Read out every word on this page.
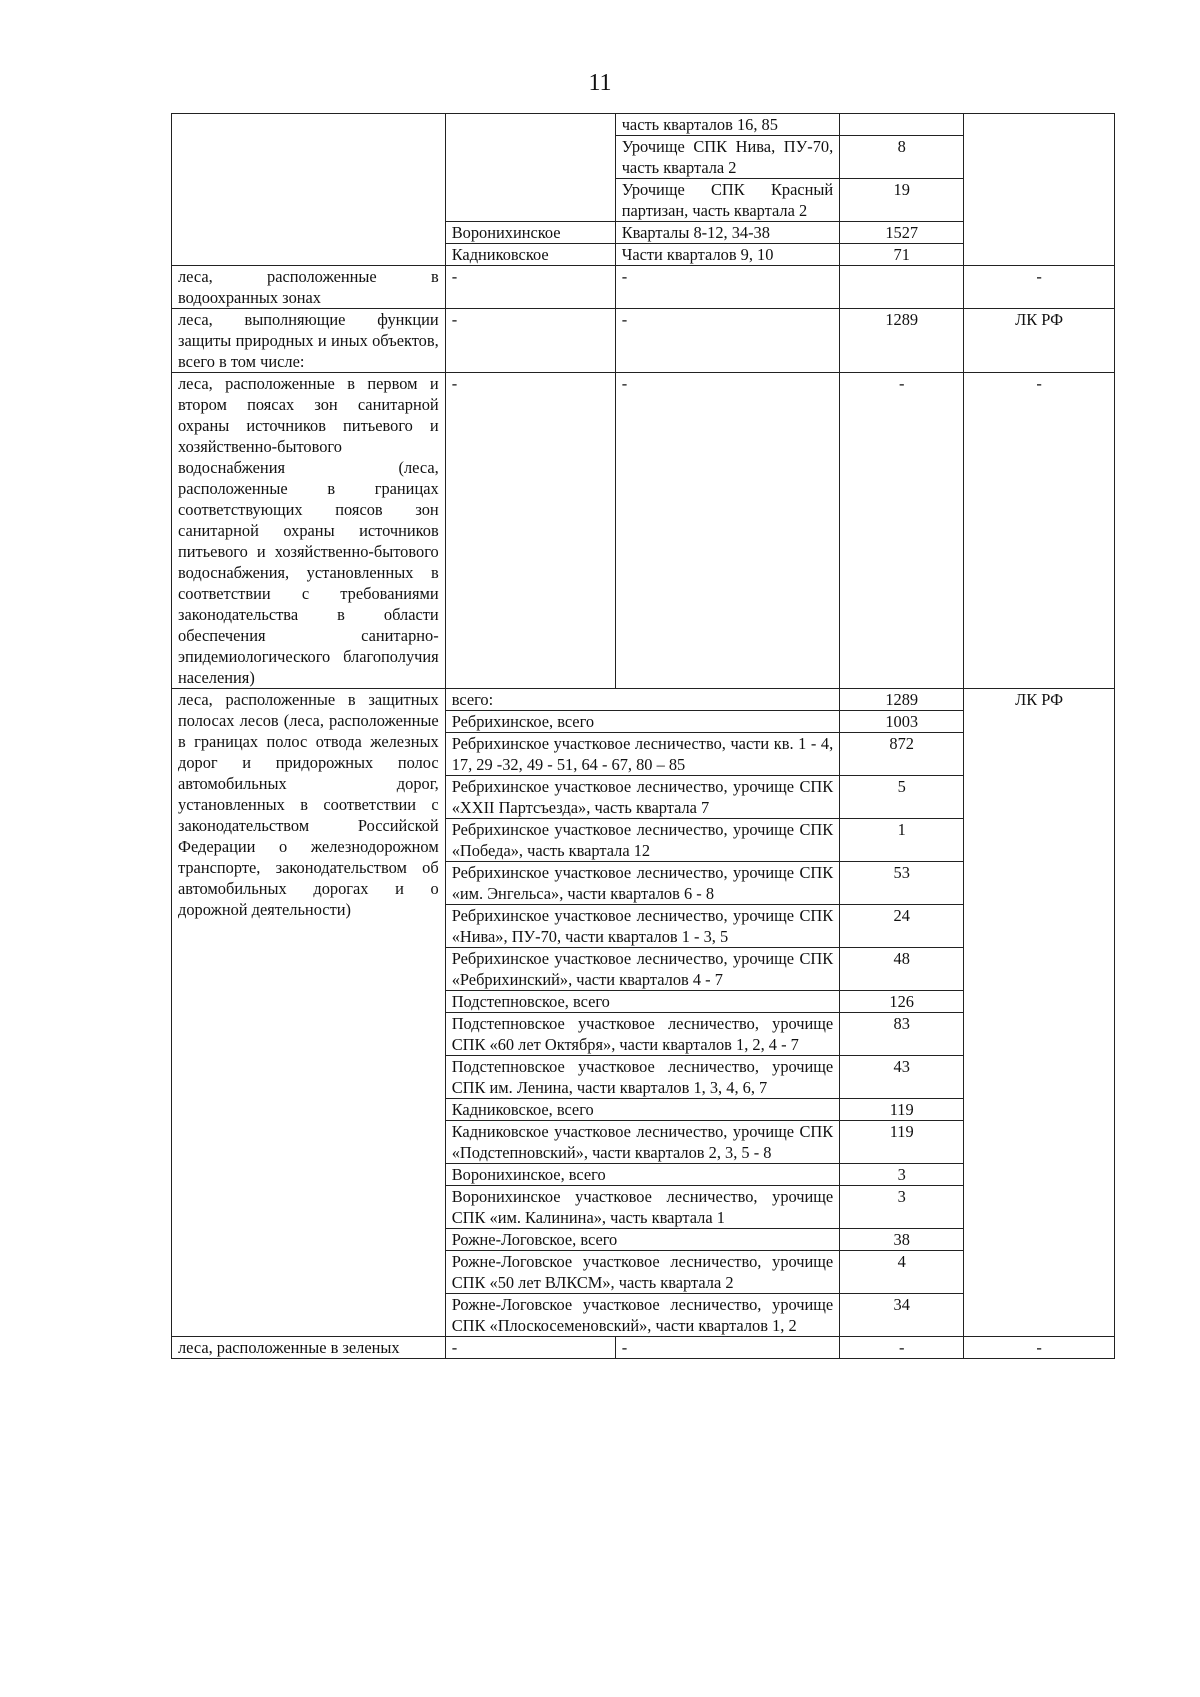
11
		часть кварталов 16, 85		
		Урочище СПК Нива, ПУ-70, часть квартала 2	8	
		Урочище СПК Красный партизан, часть квартала 2	19	
	Воронихинское	Кварталы 8-12, 34-38	1527	
	Кадниковское	Части кварталов 9, 10	71	
леса, расположенные в водоохранных зонах	-	-		-
леса, выполняющие функции защиты природных и иных объектов, всего в том числе:	-	-	1289	ЛК РФ
леса, расположенные в первом и втором поясах зон санитарной охраны источников питьевого и хозяйственно-бытового водоснабжения (леса, расположенные в границах соответствующих поясов зон санитарной охраны источников питьевого и хозяйственно-бытового водоснабжения, установленных в соответствии с требованиями законодательства в области обеспечения санитарно-эпидемиологического благополучия населения)	-	-	-	-
леса, расположенные в защитных полосах лесов (леса, расположенные в границах полос отвода железных дорог и придорожных полос автомобильных дорог, установленных в соответствии с законодательством Российской Федерации о железнодорожном транспорте, законодательством об автомобильных дорогах и о дорожной деятельности)	всего:		1289	ЛК РФ
	Ребрихинское, всего		1003	
	Ребрихинское участковое лесничество, части кв. 1 - 4, 17, 29 -32, 49 - 51, 64 - 67, 80 – 85		872	
	Ребрихинское участковое лесничество, урочище СПК «XXII Партсъезда», часть квартала 7		5	
	Ребрихинское участковое лесничество, урочище СПК «Победа», часть квартала 12		1	
	Ребрихинское участковое лесничество, урочище СПК «им. Энгельса», части кварталов 6 - 8		53	
	Ребрихинское участковое лесничество, урочище СПК «Нива», ПУ-70, части кварталов 1 - 3, 5		24	
	Ребрихинское участковое лесничество, урочище СПК «Ребрихинский», части кварталов 4 - 7		48	
	Подстепновское, всего		126	
	Подстепновское участковое лесничество, урочище СПК «60 лет Октября», части кварталов 1, 2, 4 - 7		83	
	Подстепновское участковое лесничество, урочище СПК им. Ленина, части кварталов 1, 3, 4, 6, 7		43	
	Кадниковское, всего		119	
	Кадниковское участковое лесничество, урочище СПК «Подстепновский», части кварталов 2, 3, 5 - 8		119	
	Воронихинское, всего		3	
	Воронихинское участковое лесничество, урочище СПК «им. Калинина», часть квартала 1		3	
	Рожне-Логовское, всего		38	
	Рожне-Логовское участковое лесничество, урочище СПК «50 лет ВЛКСМ», часть квартала 2		4	
	Рожне-Логовское участковое лесничество, урочище СПК «Плоскосеменовский», части кварталов 1, 2		34	
леса, расположенные в зеленых	-	-	-	-
